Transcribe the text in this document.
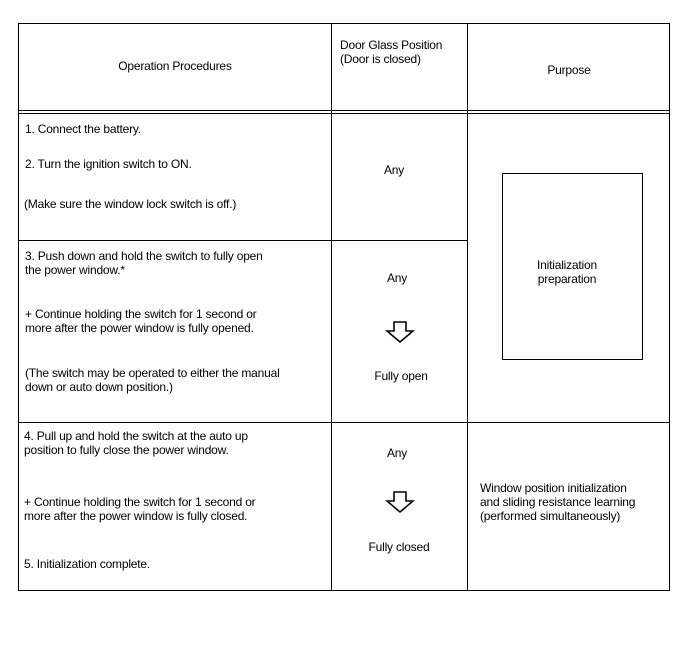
Operation Procedures
Door Glass Position
(Door is closed)
Purpose
1. Connect the battery.
2. Turn the ignition switch to ON.
(Make sure the window lock switch is off.)
Any
3. Push down and hold the switch to fully open
the power window.*
+ Continue holding the switch for 1 second or
more after the power window is fully opened.
(The switch may be operated to either the manual
down or auto down position.)
Any
Fully open
Initialization
preparation
4. Pull up and hold the switch at the auto up
position to fully close the power window.
+ Continue holding the switch for 1 second or
more after the power window is fully closed.
5. Initialization complete.
Any
Fully closed
Window position initialization
and sliding resistance learning
(performed simultaneously)
